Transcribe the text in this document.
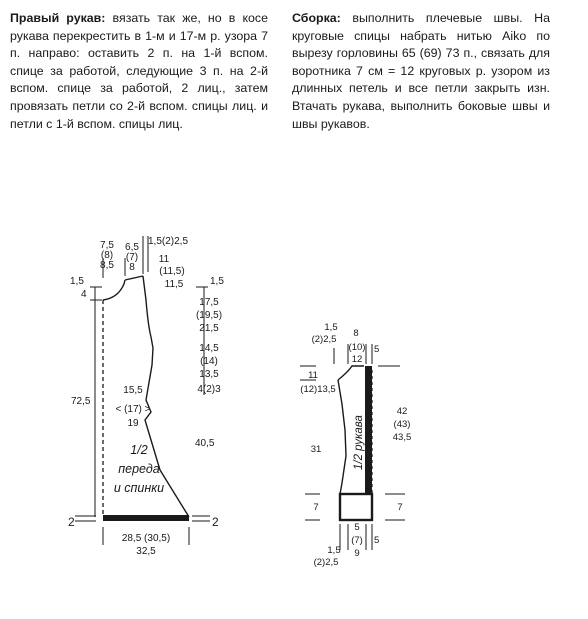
Правый рукав: вязать так же, но в косе рукава перекрестить в 1-м и 17-м р. узора 7 п. направо: оставить 2 п. на 1-й вспом. спице за работой, следующие 3 п. на 2-й вспом. спице за работой, 2 лиц., затем провязать петли со 2-й вспом. спицы лиц. и петли с 1-й вспом. спицы лиц.
Сборка: выполнить плечевые швы. На круговые спицы набрать нитью Aiko по вырезу горловины 65 (69) 73 п., связать для воротника 7 см = 12 круговых р. узором из длинных петель и все петли закрыть изн. Втачать рукава, выполнить боковые швы и швы рукавов.
7,5
(8)
8,5
6,5
(7)
8
1,5(2)2,5
11
(11,5)
11,5
1,5
4
1,5
17,5
(19,5)
21,5
14,5
(14)
13,5
4(2)3
72,5
15,5
< (17) >
19
40,5
2	2
28,5 (30,5)
32,5
1/2
переда
и спинки
1,5
(2)2,5
8
(10)
12
5
11
(12)13,5
31
42
(43)
43,5
7	7
5
(7)
9
5
1,5
(2)2,5
1/2 рукава
